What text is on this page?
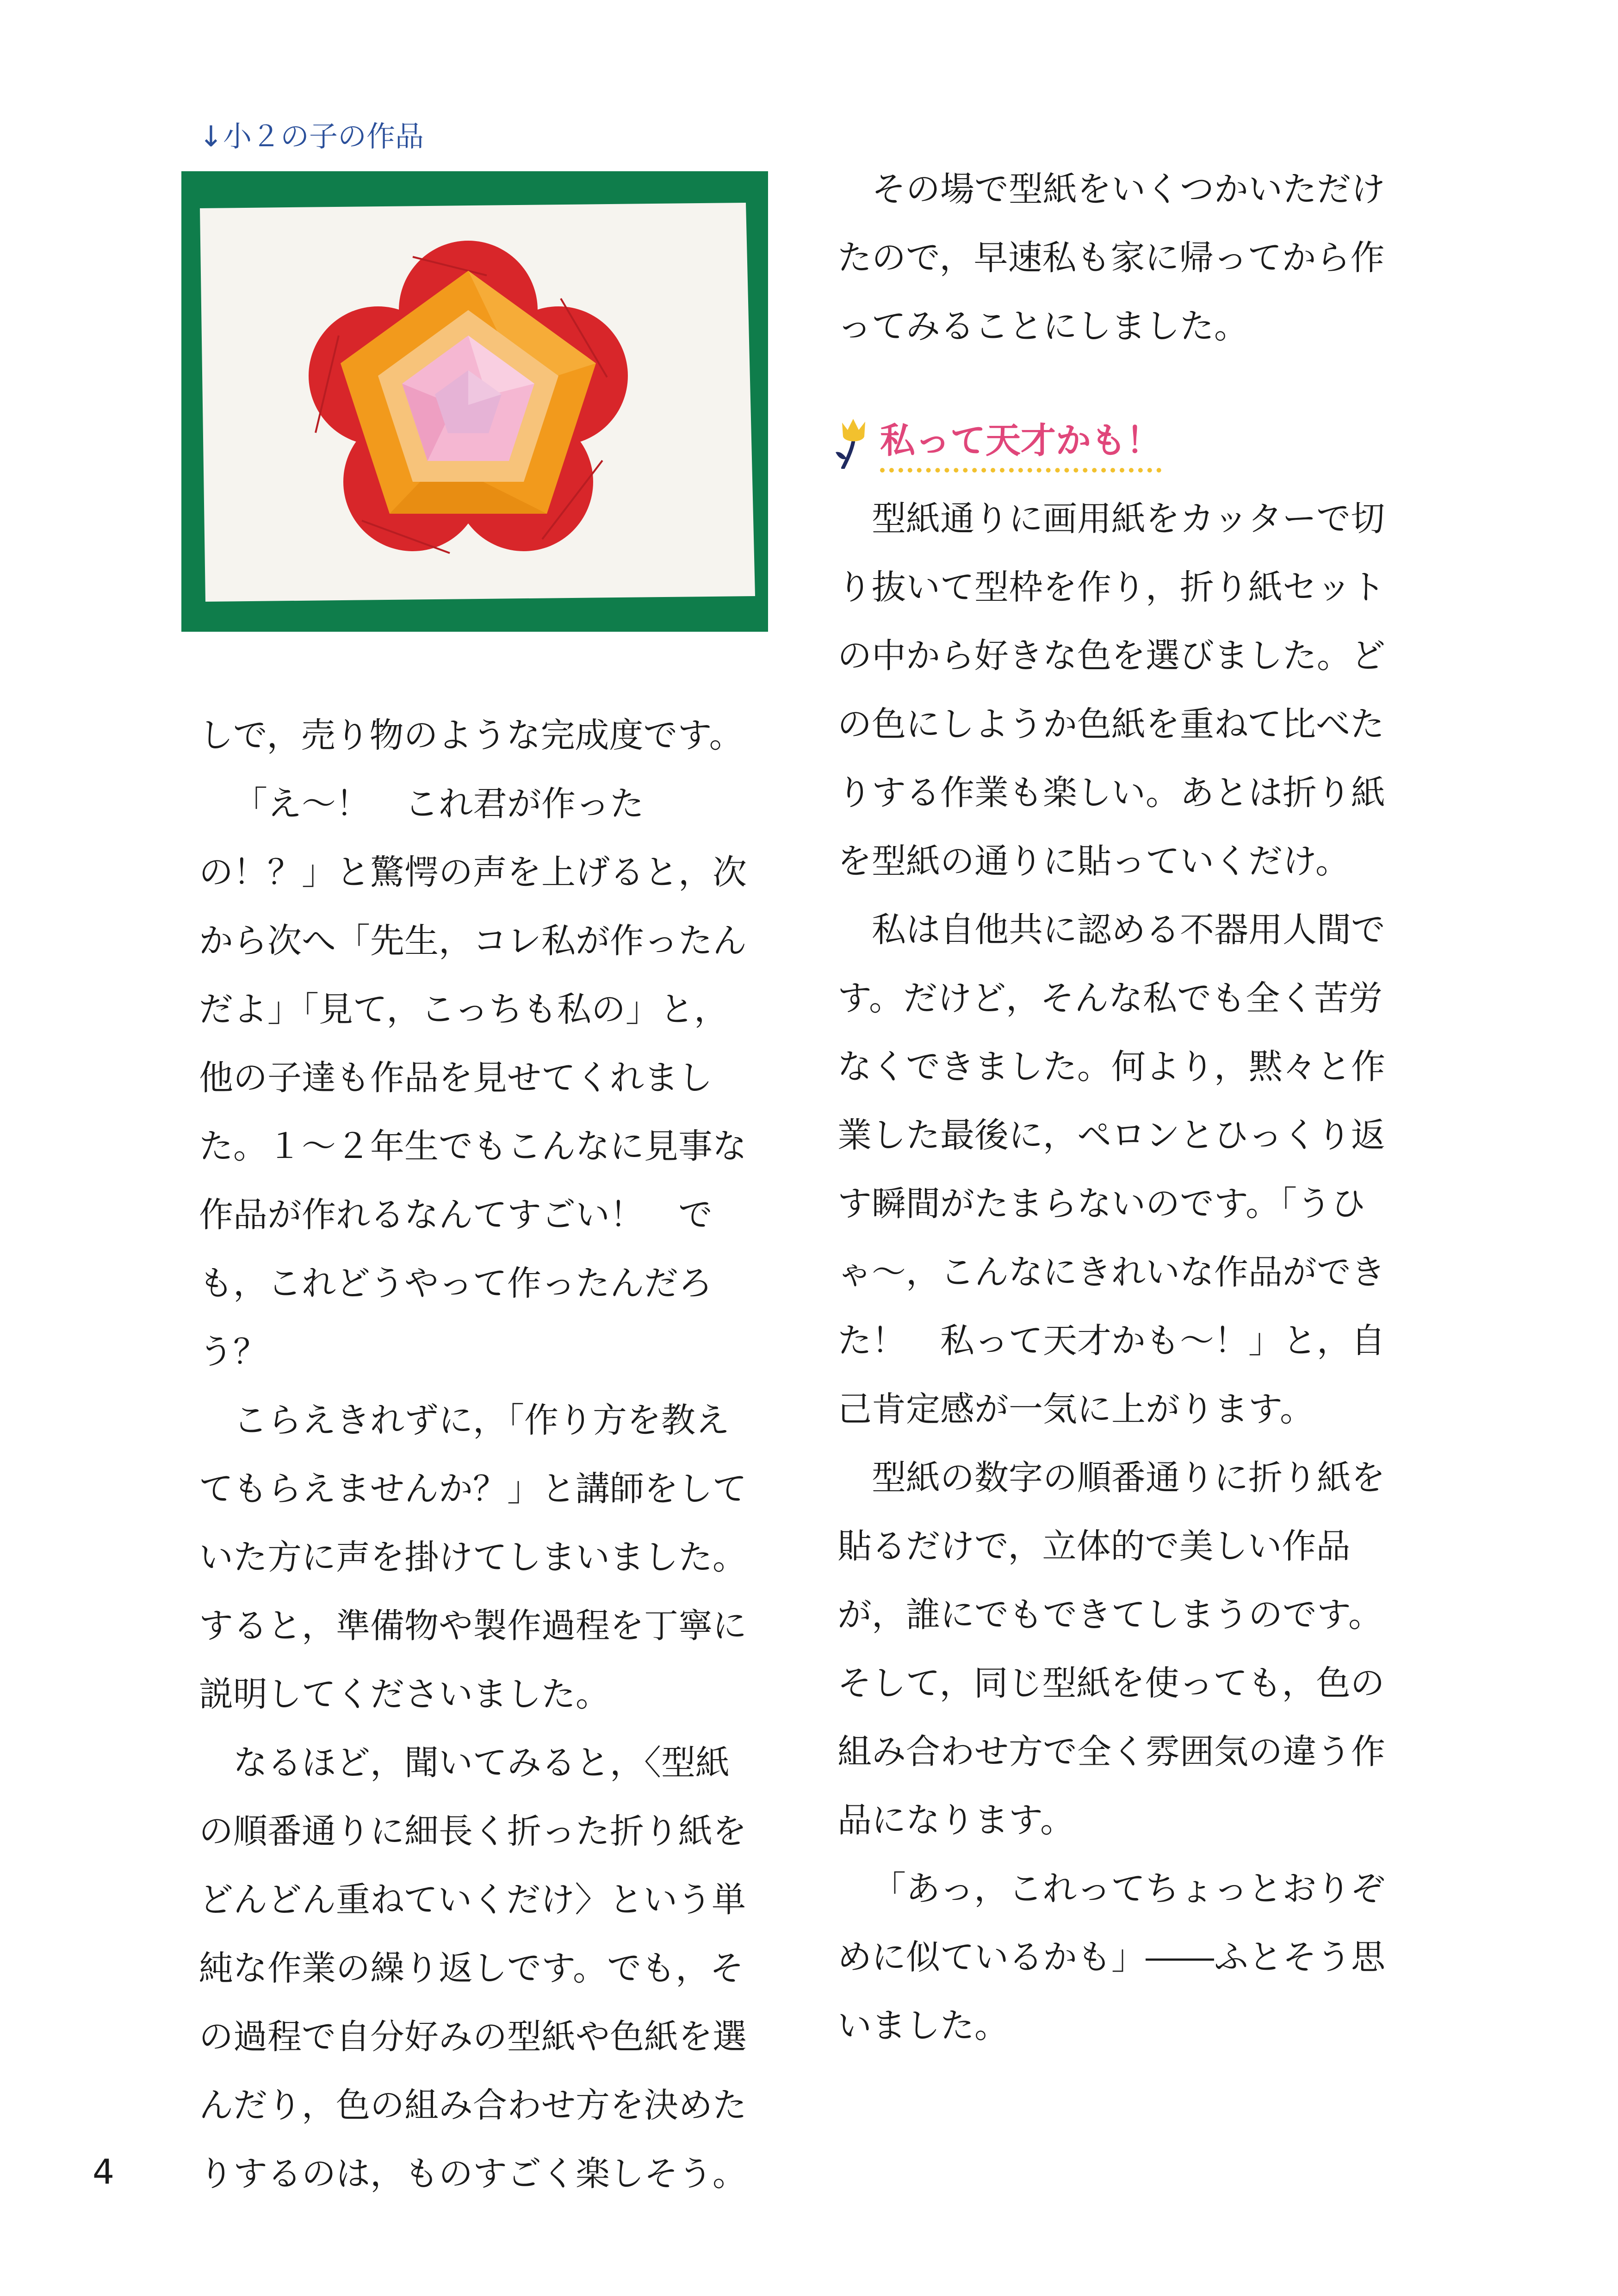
↓小２の子の作品

しで，売り物のような完成度です。

「え～！　これ君が作ったの！？」と驚愕の声を上げると，次から次へ「先生，コレ私が作ったんだよ」「見て，こっちも私の」と，他の子達も作品を見せてくれました。１～２年生でもこんなに見事な作品が作れるなんてすごい！　でも，これどうやって作ったんだろう？

こらえきれずに，「作り方を教えてもらえませんか？」と講師をしていた方に声を掛けてしまいました。すると，準備物や製作過程を丁寧に説明してくださいました。

なるほど，聞いてみると，〈型紙の順番通りに細長く折った折り紙をどんどん重ねていくだけ〉という単純な作業の繰り返しです。でも，その過程で自分好みの型紙や色紙を選んだり，色の組み合わせ方を決めたりするのは，ものすごく楽しそう。

その場で型紙をいくつかいただけたので，早速私も家に帰ってから作ってみることにしました。

私って天才かも！

型紙通りに画用紙をカッターで切り抜いて型枠を作り，折り紙セットの中から好きな色を選びました。どの色にしようか色紙を重ねて比べたりする作業も楽しい。あとは折り紙を型紙の通りに貼っていくだけ。

私は自他共に認める不器用人間です。だけど，そんな私でも全く苦労なくできました。何より，黙々と作業した最後に，ペロンとひっくり返す瞬間がたまらないのです。「うひゃ～，こんなにきれいな作品ができた！　私って天才かも～！」と，自己肯定感が一気に上がります。

型紙の数字の順番通りに折り紙を貼るだけで，立体的で美しい作品が，誰にでもできてしまうのです。そして，同じ型紙を使っても，色の組み合わせ方で全く雰囲気の違う作品になります。

「あっ，これってちょっとおりぞめに似ているかも」――ふとそう思いました。

4
